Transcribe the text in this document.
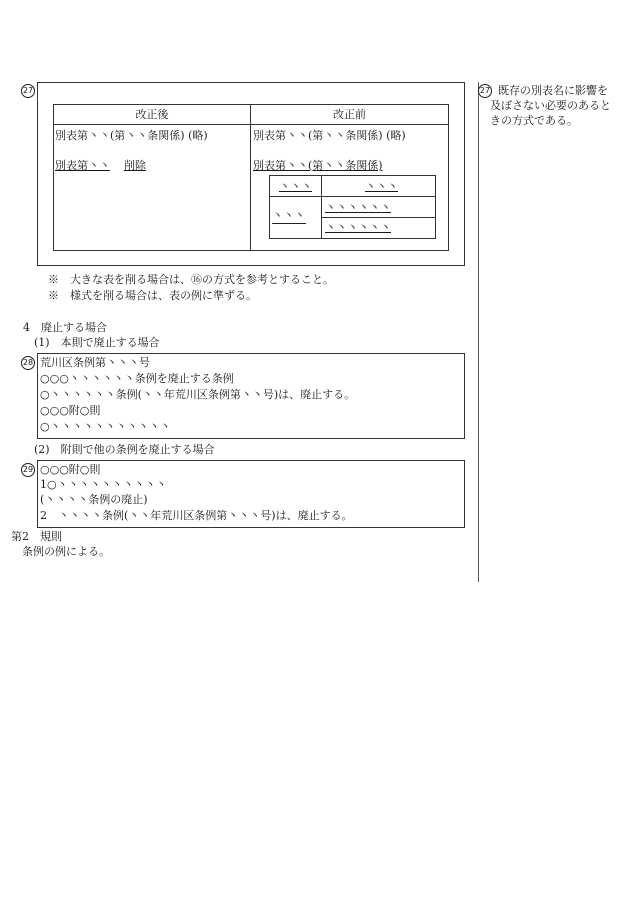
27
改正後	改正前
別表第丶丶(第丶丶条関係) (略)
別表第丶丶 削除
別表第丶丶(第丶丶条関係) (略)
別表第丶丶(第丶丶条関係)
丶丶丶	丶丶丶
丶丶丶
丶丶丶丶丶丶
丶丶丶丶丶丶
27 既存の別表名に影響を
及ぼさない必要のあると
きの方式である。
※　大きな表を削る場合は、⑯の方式を参考とすること。
※　様式を削る場合は、表の例に準ずる。
4　廃止する場合
(1)　本則で廃止する場合
28 荒川区条例第丶丶丶号
○○○丶丶丶丶丶丶条例を廃止する条例
○丶丶丶丶丶丶条例(丶丶年荒川区条例第丶丶号)は、廃止する。
○○○附○則
○丶丶丶丶丶丶丶丶丶丶丶
(2)　附則で他の条例を廃止する場合
29 ○○○附○則
1○丶丶丶丶丶丶丶丶丶丶
(丶丶丶丶条例の廃止)
2　丶丶丶丶条例(丶丶年荒川区条例第丶丶丶号)は、廃止する。
第2　規則
条例の例による。
